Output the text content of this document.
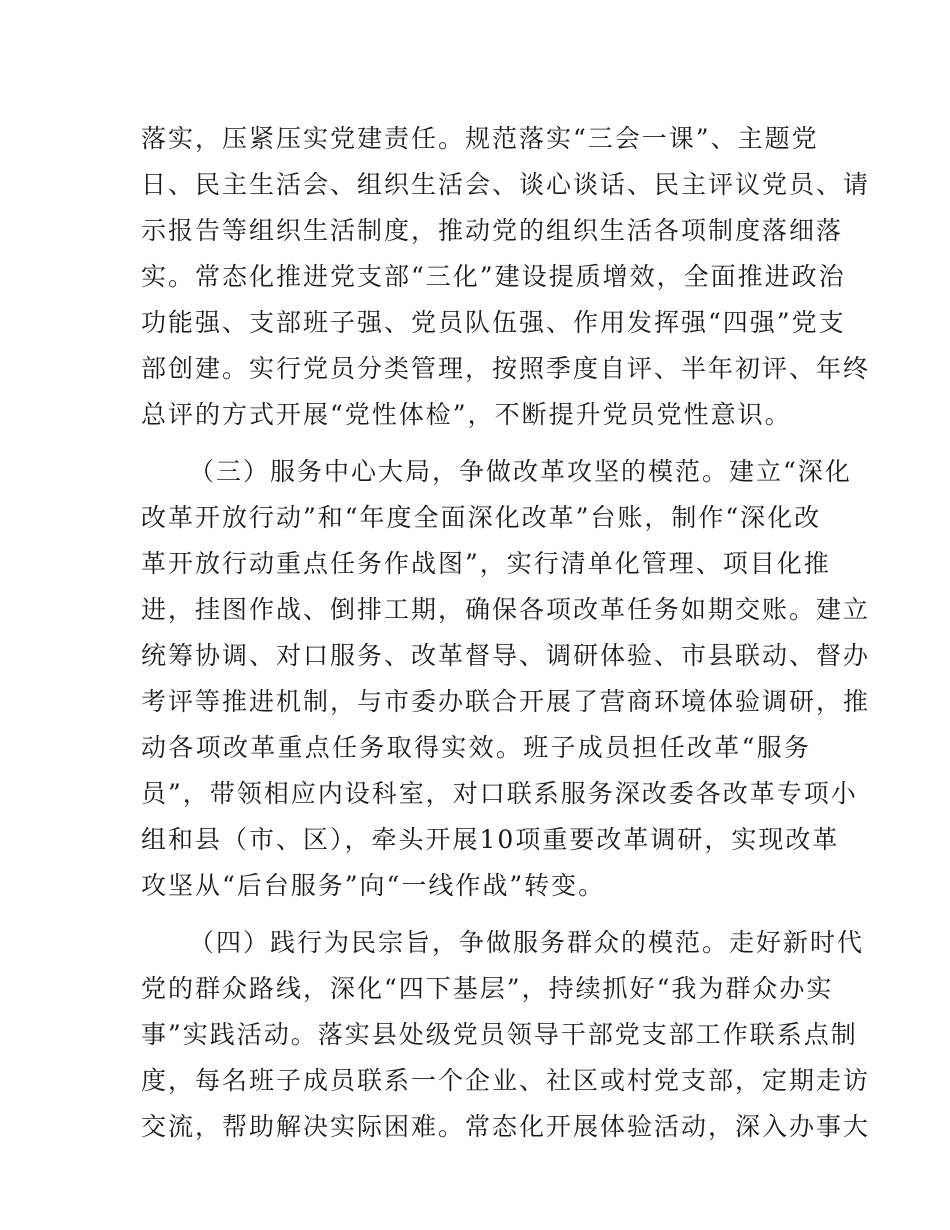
落实，压紧压实党建责任。规范落实“三会一课”、主题党
日、民主生活会、组织生活会、谈心谈话、民主评议党员、请
示报告等组织生活制度，推动党的组织生活各项制度落细落
实。常态化推进党支部“三化”建设提质增效，全面推进政治
功能强、支部班子强、党员队伍强、作用发挥强“四强”党支
部创建。实行党员分类管理，按照季度自评、半年初评、年终
总评的方式开展“党性体检”，不断提升党员党性意识。
（三）服务中心大局，争做改革攻坚的模范。建立“深化
改革开放行动”和“年度全面深化改革”台账，制作“深化改
革开放行动重点任务作战图”，实行清单化管理、项目化推
进，挂图作战、倒排工期，确保各项改革任务如期交账。建立
统筹协调、对口服务、改革督导、调研体验、市县联动、督办
考评等推进机制，与市委办联合开展了营商环境体验调研，推
动各项改革重点任务取得实效。班子成员担任改革“服务
员”，带领相应内设科室，对口联系服务深改委各改革专项小
组和县（市、区），牵头开展10项重要改革调研，实现改革
攻坚从“后台服务”向“一线作战”转变。
（四）践行为民宗旨，争做服务群众的模范。走好新时代
党的群众路线，深化“四下基层”，持续抓好“我为群众办实
事”实践活动。落实县处级党员领导干部党支部工作联系点制
度，每名班子成员联系一个企业、社区或村党支部，定期走访
交流，帮助解决实际困难。常态化开展体验活动，深入办事大
